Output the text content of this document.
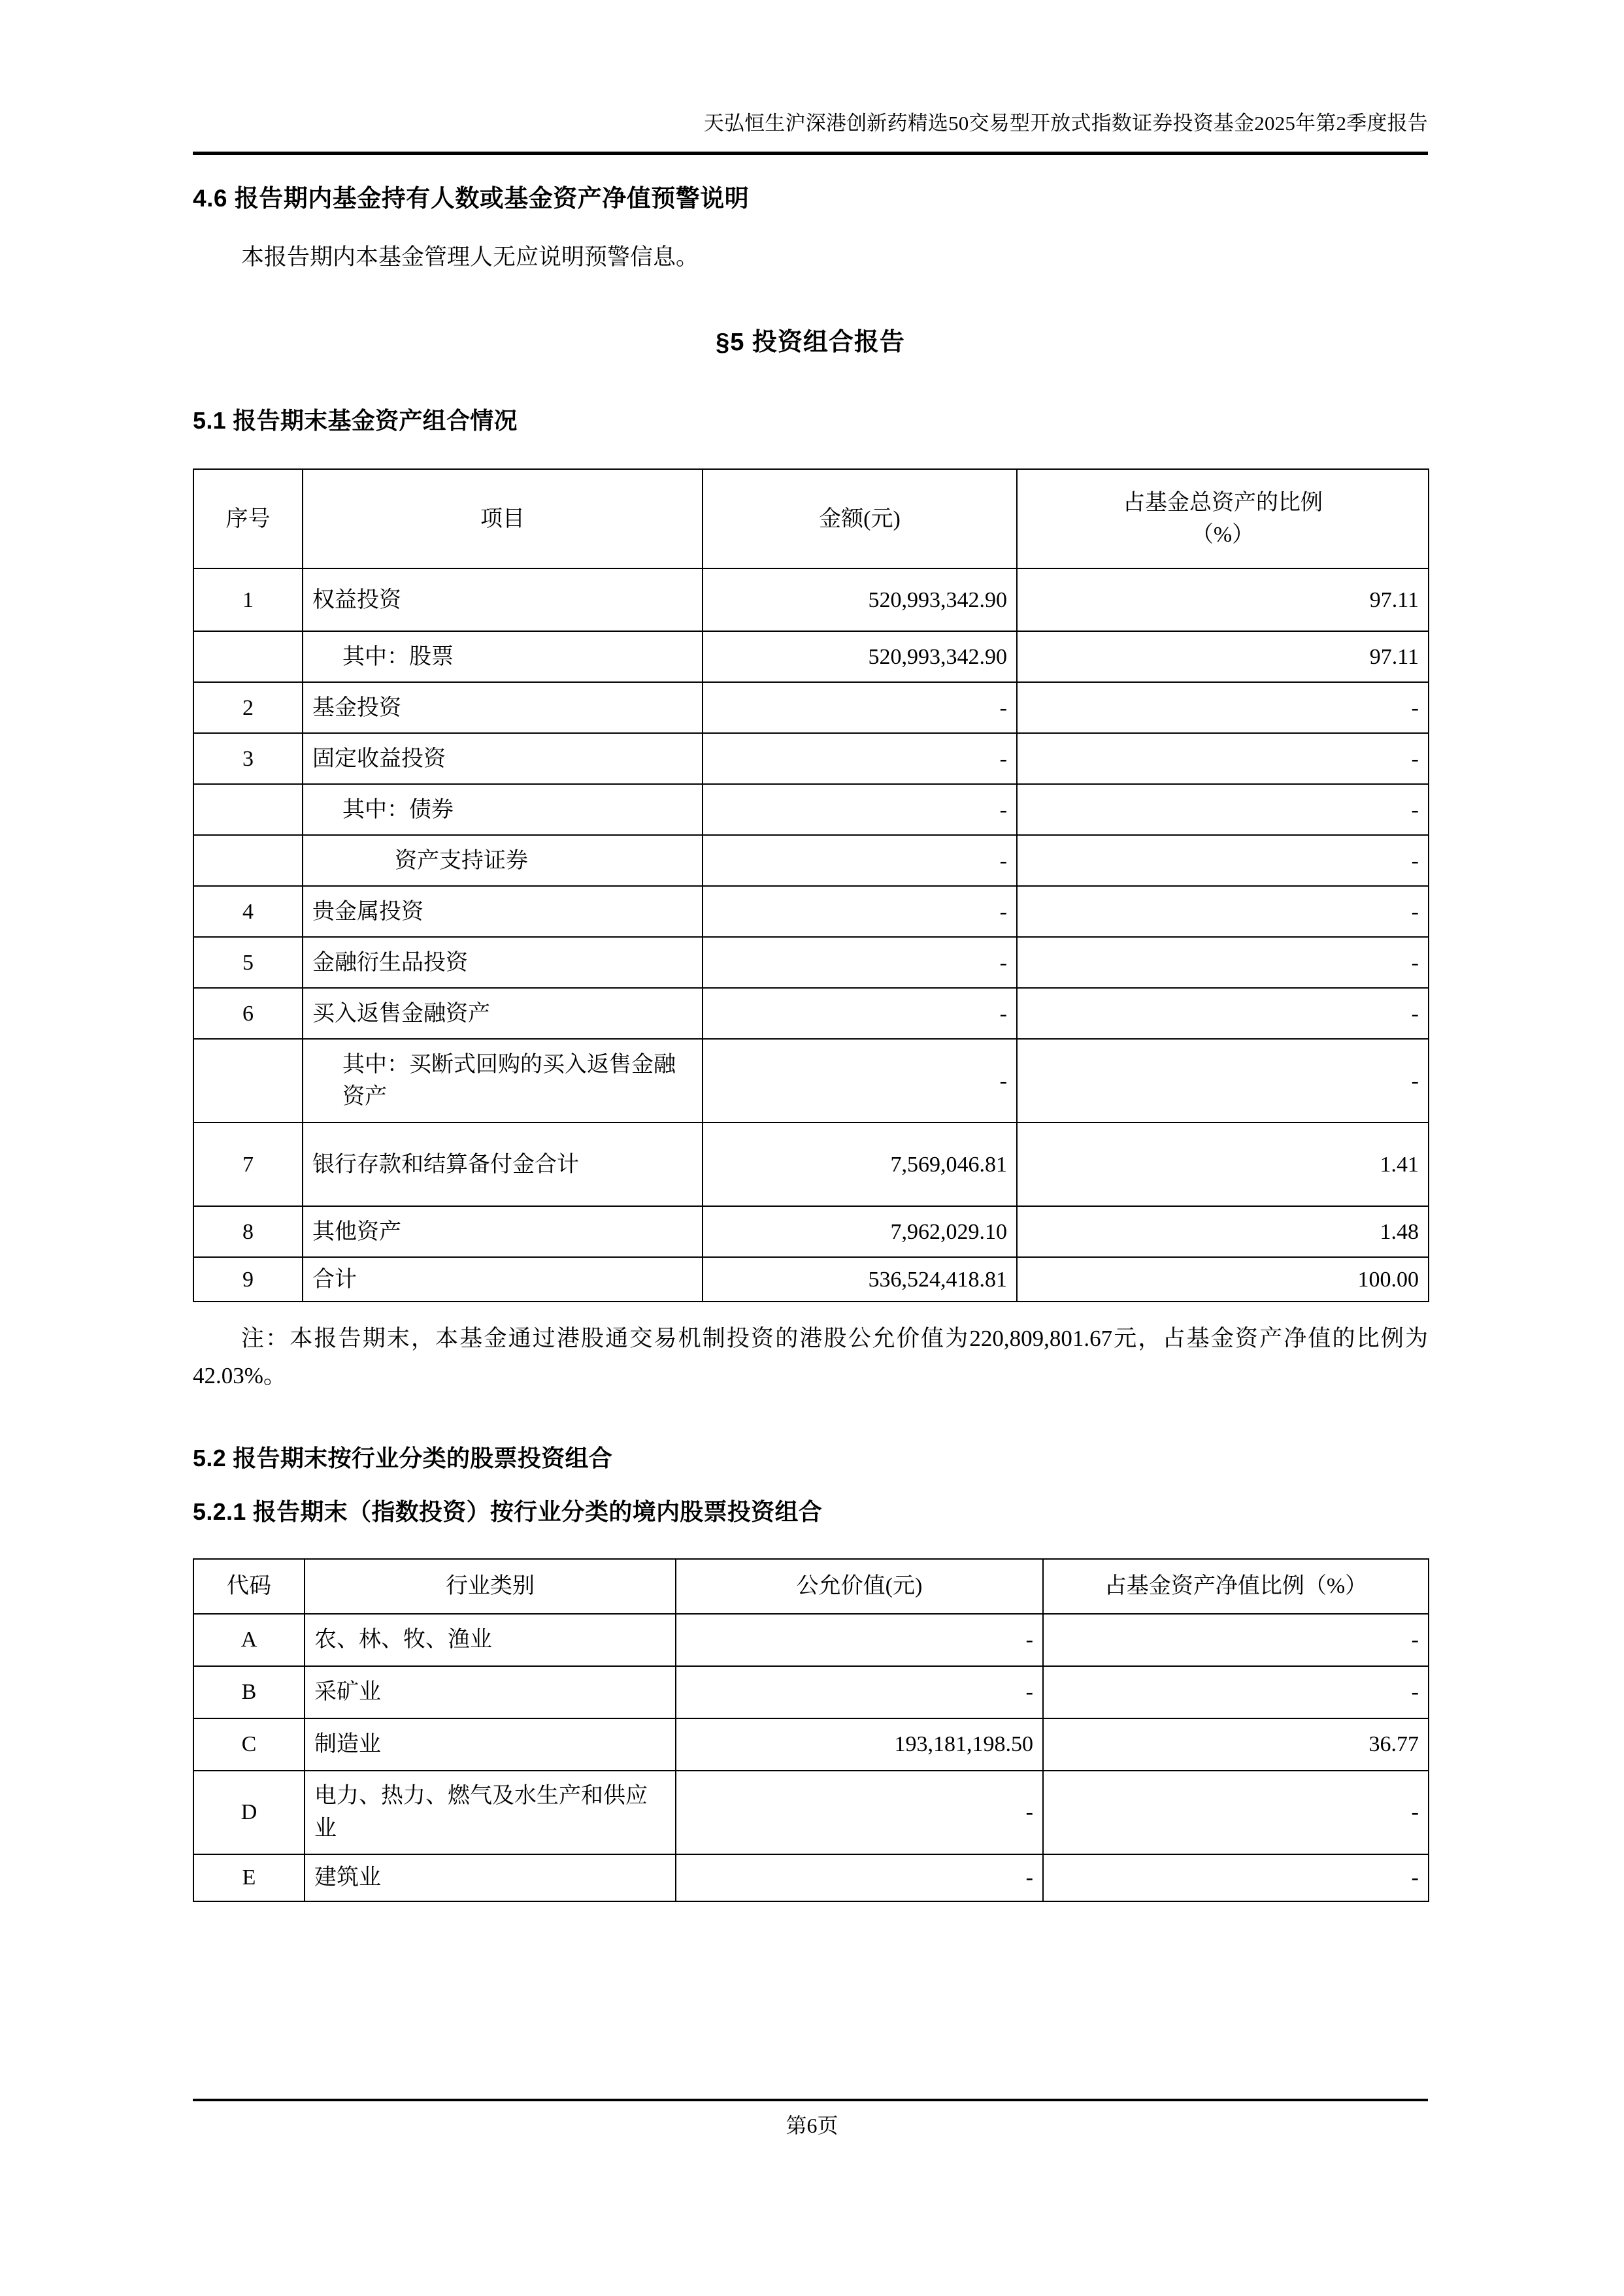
天弘恒生沪深港创新药精选50交易型开放式指数证券投资基金2025年第2季度报告
4.6 报告期内基金持有人数或基金资产净值预警说明

本报告期内本基金管理人无应说明预警信息。

§5 投资组合报告
5.1 报告期末基金资产组合情况
序号	项目	金额(元)	占基金总资产的比例
（%）
1	权益投资	520,993,342.90	97.11

	其中：股票	520,993,342.90	97.11
2	基金投资	-	-
3	固定收益投资	-	-

	其中：债券	-	-

	资产支持证券	-	-
4	贵金属投资	-	-
5	金融衍生品投资	-	-
6	买入返售金融资产	-	-

	其中：买断式回购的买入返售金融资产	-	-
7	银行存款和结算备付金合计	7,569,046.81	1.41
8	其他资产	7,962,029.10	1.48
9	合计	536,524,418.81	100.00

注：本报告期末，本基金通过港股通交易机制投资的港股公允价值为220,809,801.67元，占基金资产净值的比例为42.03%。

5.2 报告期末按行业分类的股票投资组合
5.2.1 报告期末（指数投资）按行业分类的境内股票投资组合
代码	行业类别	公允价值(元)	占基金资产净值比例（%）
A	农、林、牧、渔业	-	-
B	采矿业	-	-
C	制造业	193,181,198.50	36.77
D	电力、热力、燃气及水生产和供应业	-	-
E	建筑业	-	-
第6页
